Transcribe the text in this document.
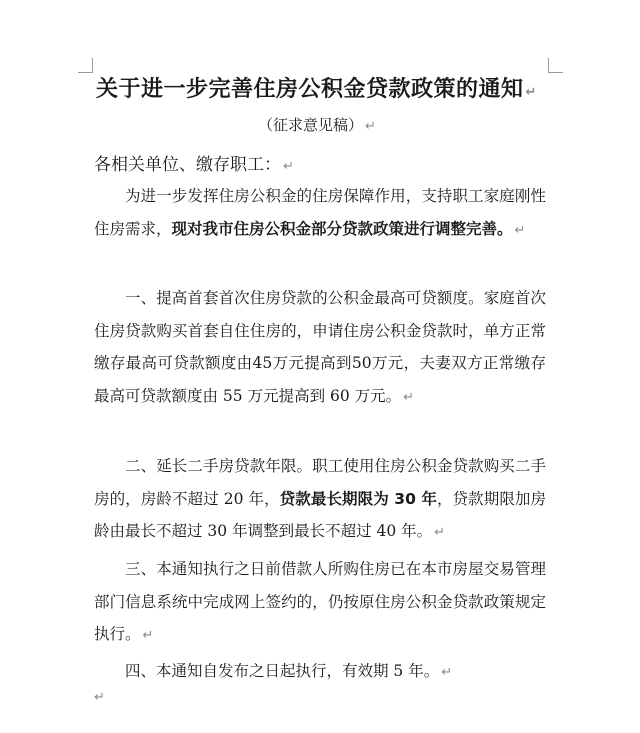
关于进一步完善住房公积金贷款政策的通知 ↵
（征求意见稿） ↵
各相关单位、缴存职工： ↵
为进一步发挥住房公积金的住房保障作用，支持职工家庭刚性住房需求，现对我市住房公积金部分贷款政策进行调整完善。 ↵
一、提高首套首次住房贷款的公积金最高可贷额度。家庭首次住房贷款购买首套自住住房的，申请住房公积金贷款时，单方正常缴存最高可贷款额度由45万元提高到50万元，夫妻双方正常缴存最高可贷款额度由 55 万元提高到 60 万元。 ↵
二、延长二手房贷款年限。职工使用住房公积金贷款购买二手房的，房龄不超过 20 年，贷款最长期限为 30 年，贷款期限加房龄由最长不超过 30 年调整到最长不超过 40 年。 ↵
三、本通知执行之日前借款人所购住房已在本市房屋交易管理部门信息系统中完成网上签约的，仍按原住房公积金贷款政策规定执行。 ↵
四、本通知自发布之日起执行，有效期 5 年。 ↵
↵
